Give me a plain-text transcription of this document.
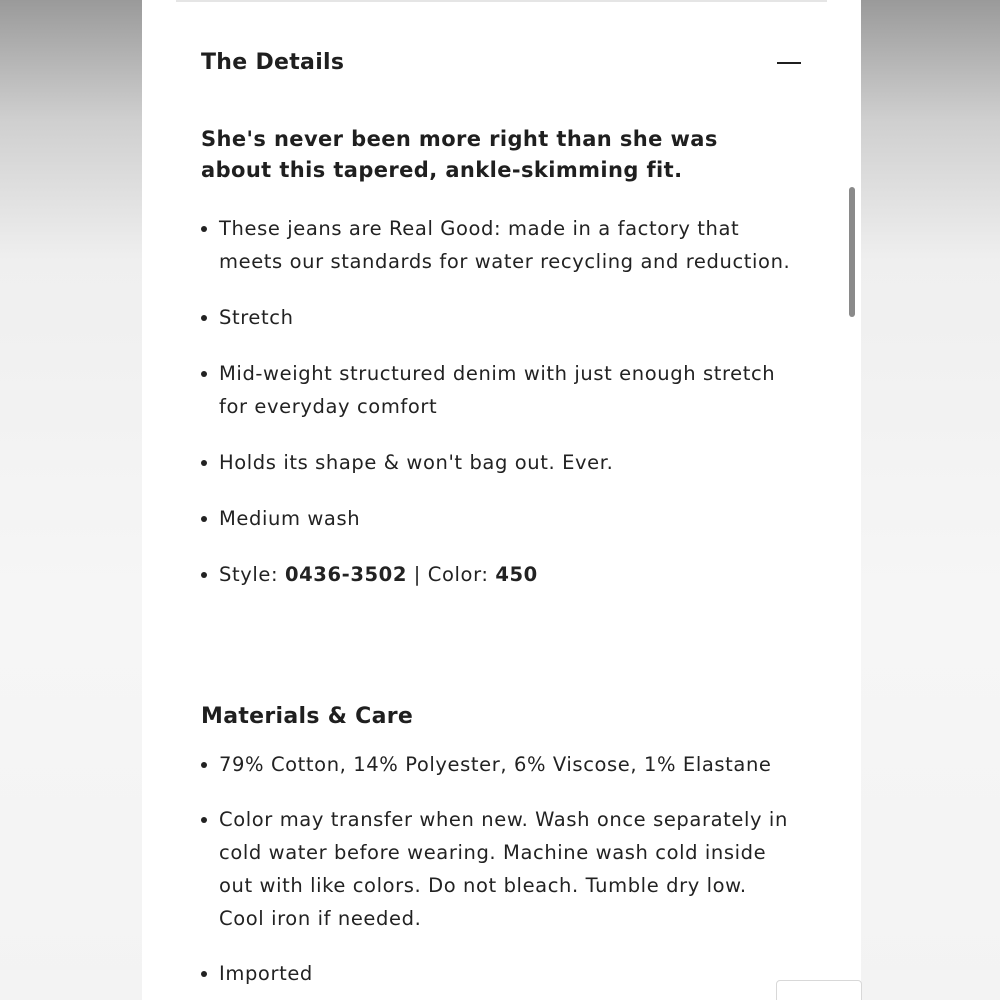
The Details

She's never been more right than she was about this tapered, ankle-skimming fit.

These jeans are Real Good: made in a factory that meets our standards for water recycling and reduction.
Stretch
Mid-weight structured denim with just enough stretch for everyday comfort
Holds its shape & won't bag out. Ever.
Medium wash
Style: 0436-3502 | Color: 450
Materials & Care
79% Cotton, 14% Polyester, 6% Viscose, 1% Elastane
Color may transfer when new. Wash once separately in cold water before wearing. Machine wash cold inside out with like colors. Do not bleach. Tumble dry low. Cool iron if needed.
Imported
